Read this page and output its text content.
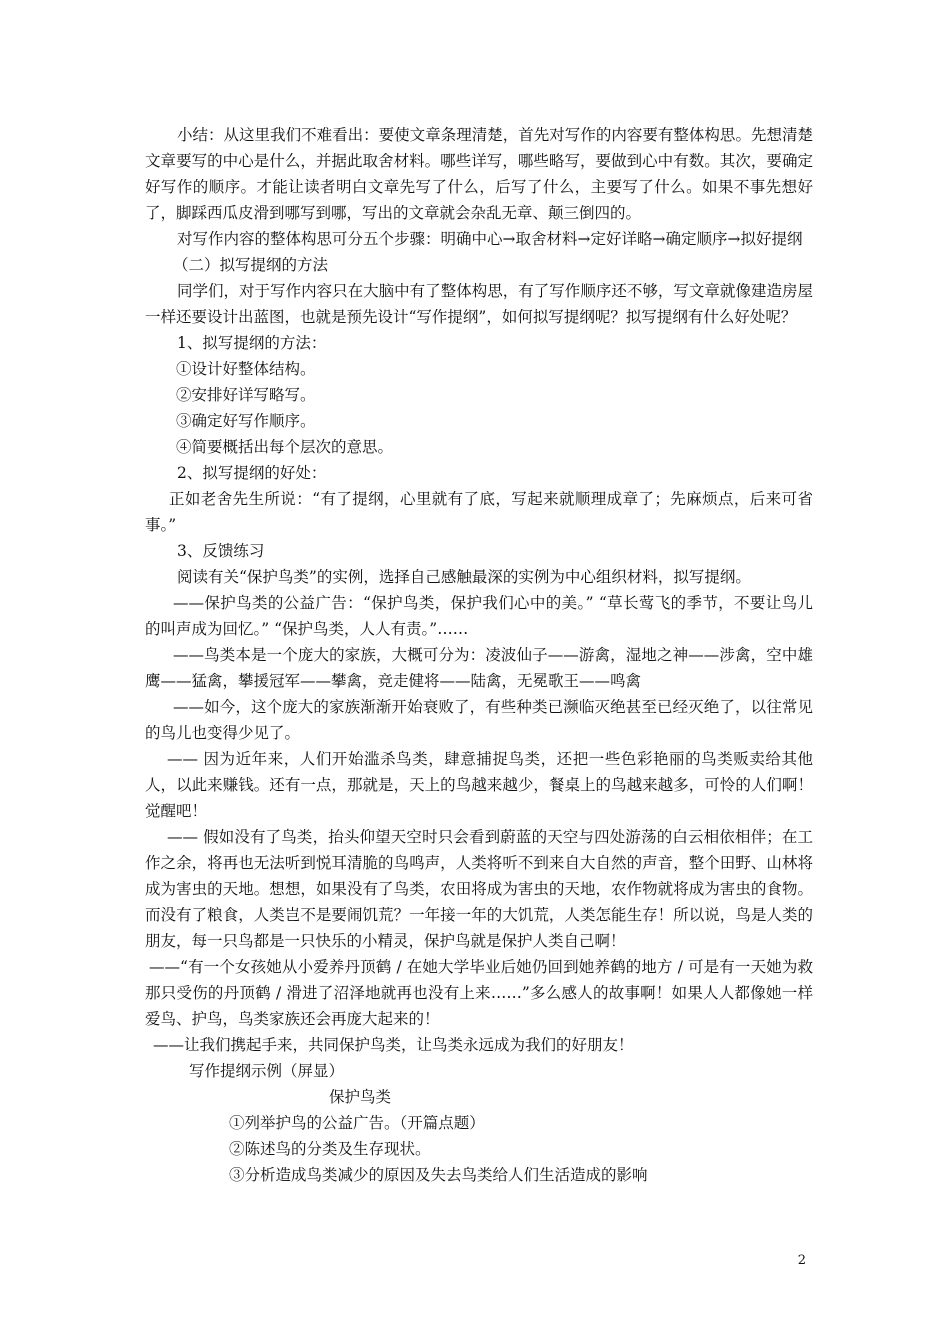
小结：从这里我们不难看出：要使文章条理清楚，首先对写作的内容要有整体构思。先想清楚文章要写的中心是什么，并据此取舍材料。哪些详写，哪些略写，要做到心中有数。其次，要确定好写作的顺序。才能让读者明白文章先写了什么，后写了什么，主要写了什么。如果不事先想好了，脚踩西瓜皮滑到哪写到哪，写出的文章就会杂乱无章、颠三倒四的。

对写作内容的整体构思可分五个步骤：明确中心→取舍材料→定好详略→确定顺序→拟好提纲

（二）拟写提纲的方法

同学们，对于写作内容只在大脑中有了整体构思，有了写作顺序还不够，写文章就像建造房屋一样还要设计出蓝图，也就是预先设计“写作提纲”，如何拟写提纲呢？拟写提纲有什么好处呢？

1、拟写提纲的方法：

①设计好整体结构。

②安排好详写略写。

③确定好写作顺序。

④简要概括出每个层次的意思。

2、拟写提纲的好处：

正如老舍先生所说：“有了提纲，心里就有了底，写起来就顺理成章了；先麻烦点，后来可省事。”

3、反馈练习

阅读有关“保护鸟类”的实例，选择自己感触最深的实例为中心组织材料，拟写提纲。

——保护鸟类的公益广告：“保护鸟类，保护我们心中的美。” “草长莺飞的季节，不要让鸟儿的叫声成为回忆。” “保护鸟类，人人有责。”……

——鸟类本是一个庞大的家族，大概可分为：凌波仙子——游禽，湿地之神——涉禽，空中雄鹰——猛禽，攀援冠军——攀禽，竞走健将——陆禽，无冕歌王——鸣禽

——如今，这个庞大的家族渐渐开始衰败了，有些种类已濒临灭绝甚至已经灭绝了，以往常见的鸟儿也变得少见了。

—— 因为近年来，人们开始滥杀鸟类，肆意捕捉鸟类，还把一些色彩艳丽的鸟类贩卖给其他人，以此来赚钱。还有一点，那就是，天上的鸟越来越少，餐桌上的鸟越来越多，可怜的人们啊！觉醒吧！

—— 假如没有了鸟类，抬头仰望天空时只会看到蔚蓝的天空与四处游荡的白云相依相伴；在工作之余，将再也无法听到悦耳清脆的鸟鸣声，人类将听不到来自大自然的声音，整个田野、山林将成为害虫的天地。想想，如果没有了鸟类，农田将成为害虫的天地，农作物就将成为害虫的食物。而没有了粮食，人类岂不是要闹饥荒？一年接一年的大饥荒，人类怎能生存！所以说，鸟是人类的朋友，每一只鸟都是一只快乐的小精灵，保护鸟就是保护人类自己啊！

——“有一个女孩她从小爱养丹顶鹤 / 在她大学毕业后她仍回到她养鹤的地方 / 可是有一天她为救那只受伤的丹顶鹤 / 滑进了沼泽地就再也没有上来……”多么感人的故事啊！如果人人都像她一样爱鸟、护鸟，鸟类家族还会再庞大起来的！

——让我们携起手来，共同保护鸟类，让鸟类永远成为我们的好朋友！

写作提纲示例（屏显）

保护鸟类

①列举护鸟的公益广告。（开篇点题）

②陈述鸟的分类及生存现状。

③分析造成鸟类减少的原因及失去鸟类给人们生活造成的影响

2
